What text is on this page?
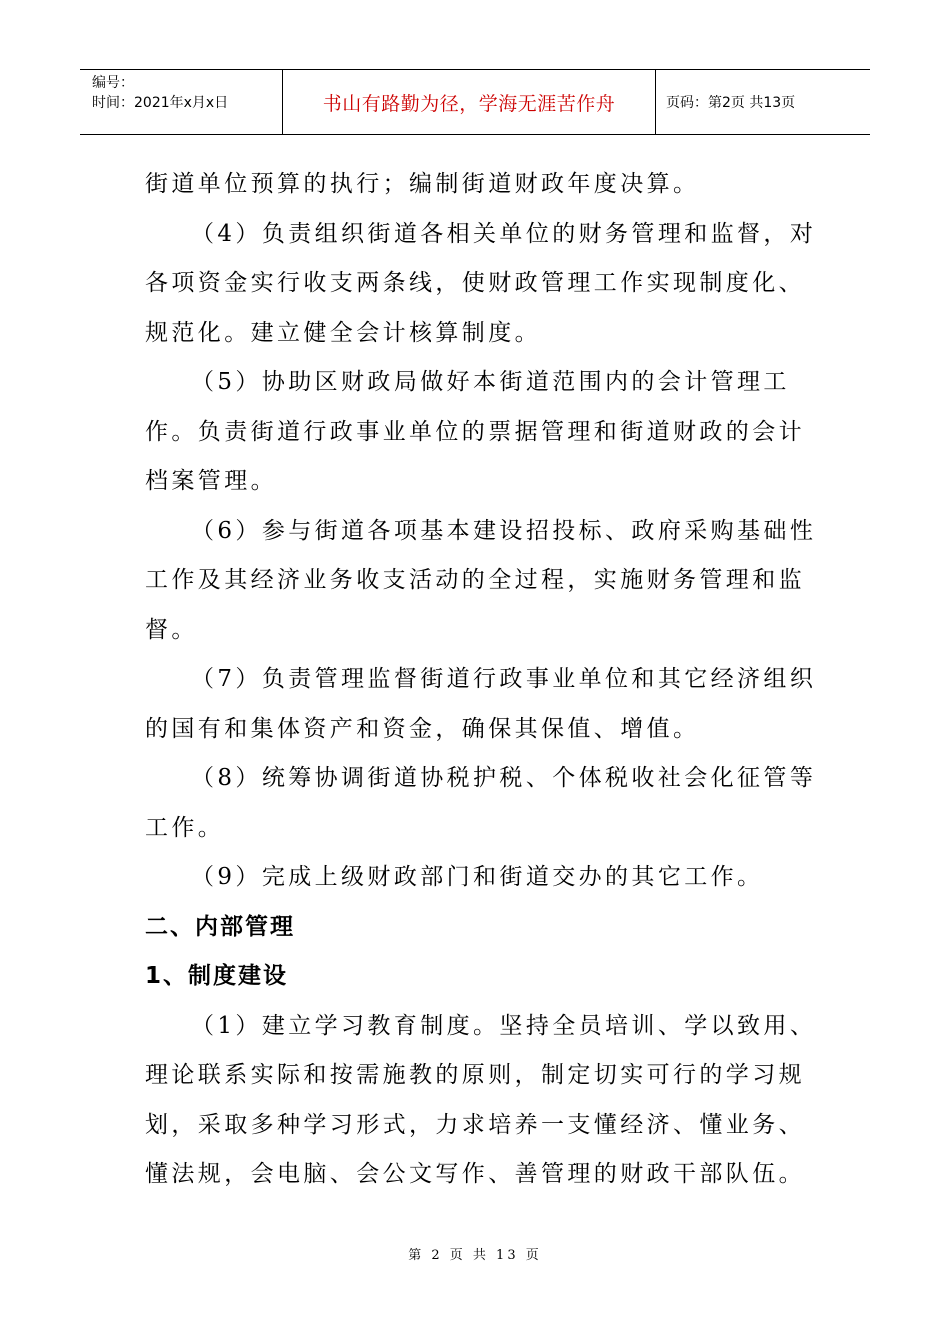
编号：
时间：2021年x月x日	书山有路勤为径，学海无涯苦作舟	页码：第2页 共13页

街道单位预算的执行；编制街道财政年度决算。

（4）负责组织街道各相关单位的财务管理和监督，对各项资金实行收支两条线，使财政管理工作实现制度化、规范化。建立健全会计核算制度。

（5）协助区财政局做好本街道范围内的会计管理工作。负责街道行政事业单位的票据管理和街道财政的会计档案管理。

（6）参与街道各项基本建设招投标、政府采购基础性工作及其经济业务收支活动的全过程，实施财务管理和监督。

（7）负责管理监督街道行政事业单位和其它经济组织的国有和集体资产和资金，确保其保值、增值。

（8）统筹协调街道协税护税、个体税收社会化征管等工作。

（9）完成上级财政部门和街道交办的其它工作。

二、内部管理

1、制度建设

（1）建立学习教育制度。坚持全员培训、学以致用、理论联系实际和按需施教的原则，制定切实可行的学习规划，采取多种学习形式，力求培养一支懂经济、懂业务、懂法规，会电脑、会公文写作、善管理的财政干部队伍。

第 2 页 共 13 页
